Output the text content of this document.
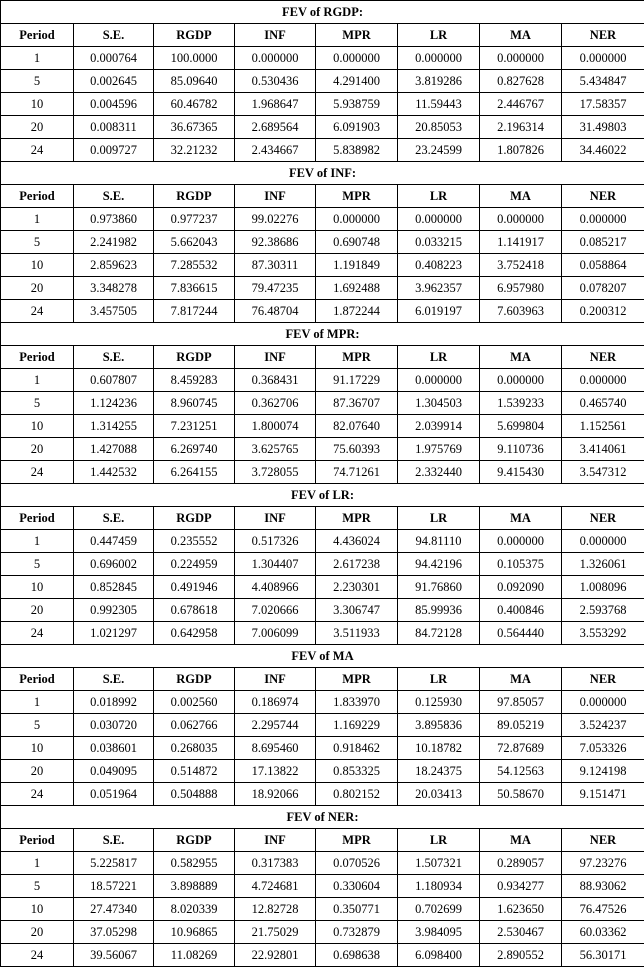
FEV of RGDP:							
Period	S.E.	RGDP	INF	MPR	LR	MA	NER
1	0.000764	100.0000	0.000000	0.000000	0.000000	0.000000	0.000000
5	0.002645	85.09640	0.530436	4.291400	3.819286	0.827628	5.434847
10	0.004596	60.46782	1.968647	5.938759	11.59443	2.446767	17.58357
20	0.008311	36.67365	2.689564	6.091903	20.85053	2.196314	31.49803
24	0.009727	32.21232	2.434667	5.838982	23.24599	1.807826	34.46022
FEV of INF:							
Period	S.E.	RGDP	INF	MPR	LR	MA	NER
1	0.973860	0.977237	99.02276	0.000000	0.000000	0.000000	0.000000
5	2.241982	5.662043	92.38686	0.690748	0.033215	1.141917	0.085217
10	2.859623	7.285532	87.30311	1.191849	0.408223	3.752418	0.058864
20	3.348278	7.836615	79.47235	1.692488	3.962357	6.957980	0.078207
24	3.457505	7.817244	76.48704	1.872244	6.019197	7.603963	0.200312
FEV of MPR:							
Period	S.E.	RGDP	INF	MPR	LR	MA	NER
1	0.607807	8.459283	0.368431	91.17229	0.000000	0.000000	0.000000
5	1.124236	8.960745	0.362706	87.36707	1.304503	1.539233	0.465740
10	1.314255	7.231251	1.800074	82.07640	2.039914	5.699804	1.152561
20	1.427088	6.269740	3.625765	75.60393	1.975769	9.110736	3.414061
24	1.442532	6.264155	3.728055	74.71261	2.332440	9.415430	3.547312
FEV of LR:							
Period	S.E.	RGDP	INF	MPR	LR	MA	NER
1	0.447459	0.235552	0.517326	4.436024	94.81110	0.000000	0.000000
5	0.696002	0.224959	1.304407	2.617238	94.42196	0.105375	1.326061
10	0.852845	0.491946	4.408966	2.230301	91.76860	0.092090	1.008096
20	0.992305	0.678618	7.020666	3.306747	85.99936	0.400846	2.593768
24	1.021297	0.642958	7.006099	3.511933	84.72128	0.564440	3.553292
FEV of MA							
Period	S.E.	RGDP	INF	MPR	LR	MA	NER
1	0.018992	0.002560	0.186974	1.833970	0.125930	97.85057	0.000000
5	0.030720	0.062766	2.295744	1.169229	3.895836	89.05219	3.524237
10	0.038601	0.268035	8.695460	0.918462	10.18782	72.87689	7.053326
20	0.049095	0.514872	17.13822	0.853325	18.24375	54.12563	9.124198
24	0.051964	0.504888	18.92066	0.802152	20.03413	50.58670	9.151471
FEV of NER:							
Period	S.E.	RGDP	INF	MPR	LR	MA	NER
1	5.225817	0.582955	0.317383	0.070526	1.507321	0.289057	97.23276
5	18.57221	3.898889	4.724681	0.330604	1.180934	0.934277	88.93062
10	27.47340	8.020339	12.82728	0.350771	0.702699	1.623650	76.47526
20	37.05298	10.96865	21.75029	0.732879	3.984095	2.530467	60.03362
24	39.56067	11.08269	22.92801	0.698638	6.098400	2.890552	56.30171
